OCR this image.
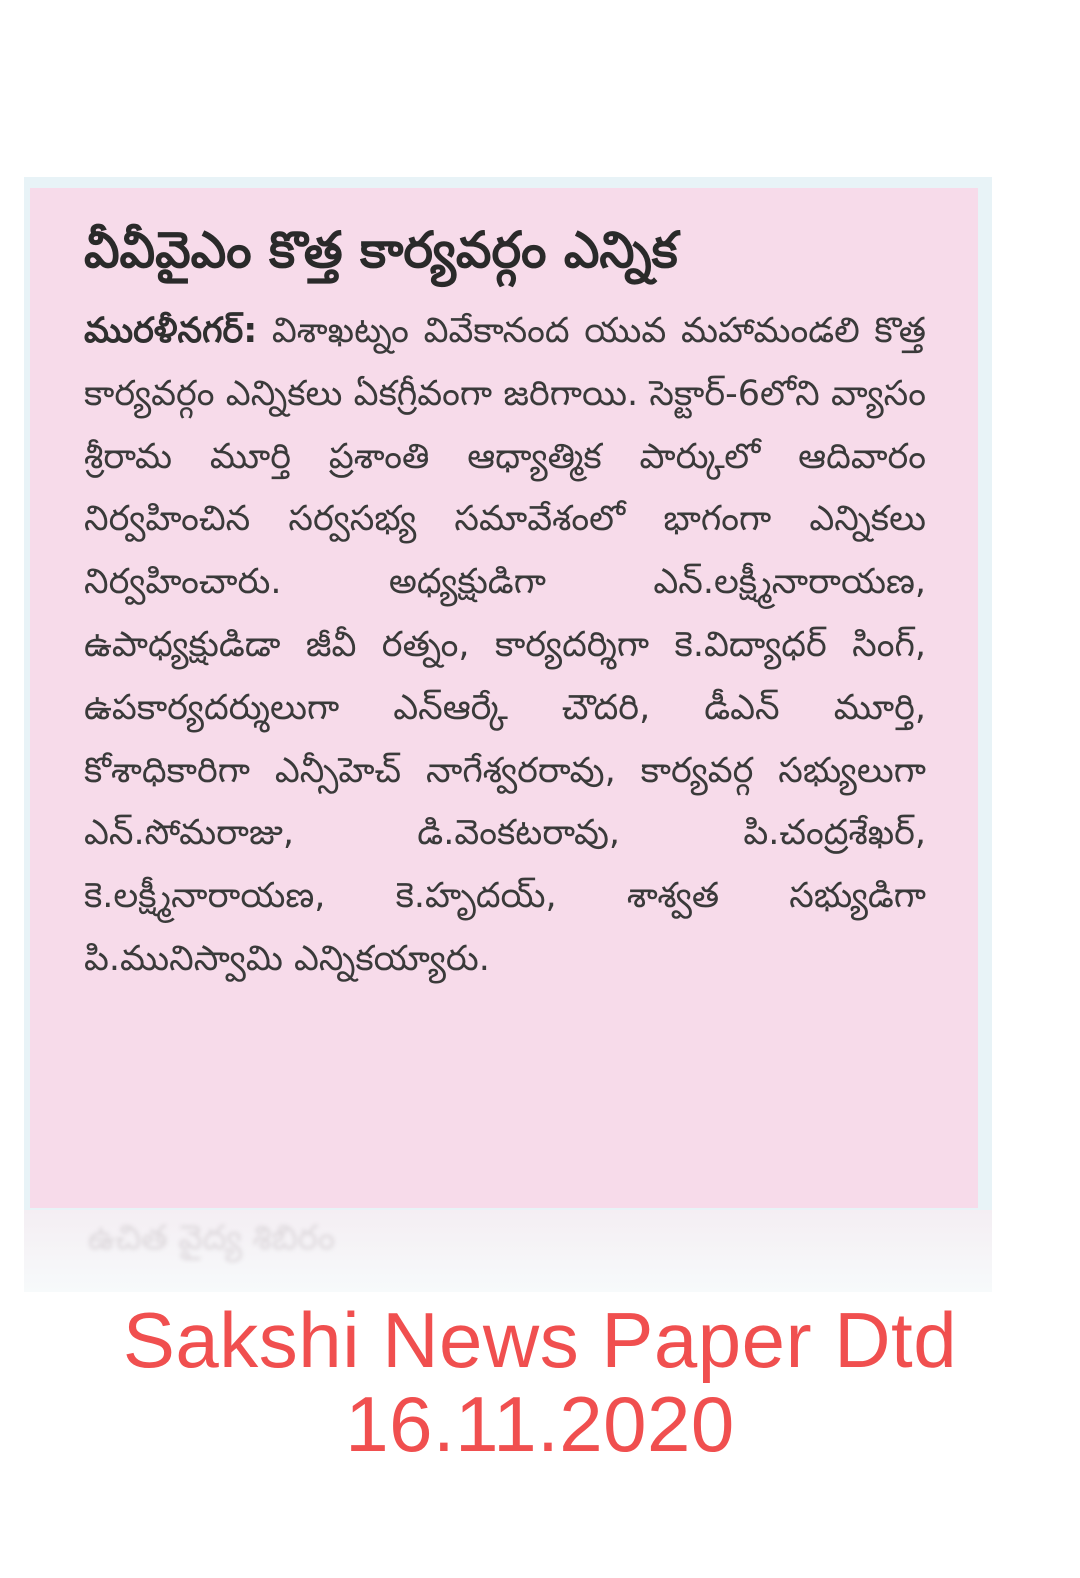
వీవీవైఎం కొత్త కార్యవర్గం ఎన్నిక
మురళీనగర్: విశాఖట్నం వివేకానంద యువ మహామండలి కొత్త కార్యవర్గం ఎన్నికలు ఏకగ్రీవంగా జరిగాయి. సెక్టార్-6లోని వ్యాసం శ్రీరామ మూర్తి ప్రశాంతి ఆధ్యాత్మిక పార్కులో ఆదివారం నిర్వహించిన సర్వసభ్య సమావేశంలో భాగంగా ఎన్నికలు నిర్వహించారు. అధ్యక్షుడిగా ఎన్.లక్ష్మీనారాయణ, ఉపాధ్యక్షుడిడా జీవీ రత్నం, కార్యదర్శిగా కె.విద్యాధర్ సింగ్, ఉపకార్యదర్శులుగా ఎన్ఆర్కే చౌదరి, డీఎన్ మూర్తి, కోశాధికారిగా ఎన్సీహెచ్ నాగేశ్వరరావు, కార్యవర్గ సభ్యులుగా ఎన్.సోమరాజు, డి.వెంకటరావు, పి.చంద్రశేఖర్, కె.లక్ష్మీనారాయణ, కె.హృదయ్, శాశ్వత సభ్యుడిగా పి.మునిస్వామి ఎన్నికయ్యారు.
ఉచిత వైద్య శిబిరం
Sakshi News Paper Dtd
16.11.2020
